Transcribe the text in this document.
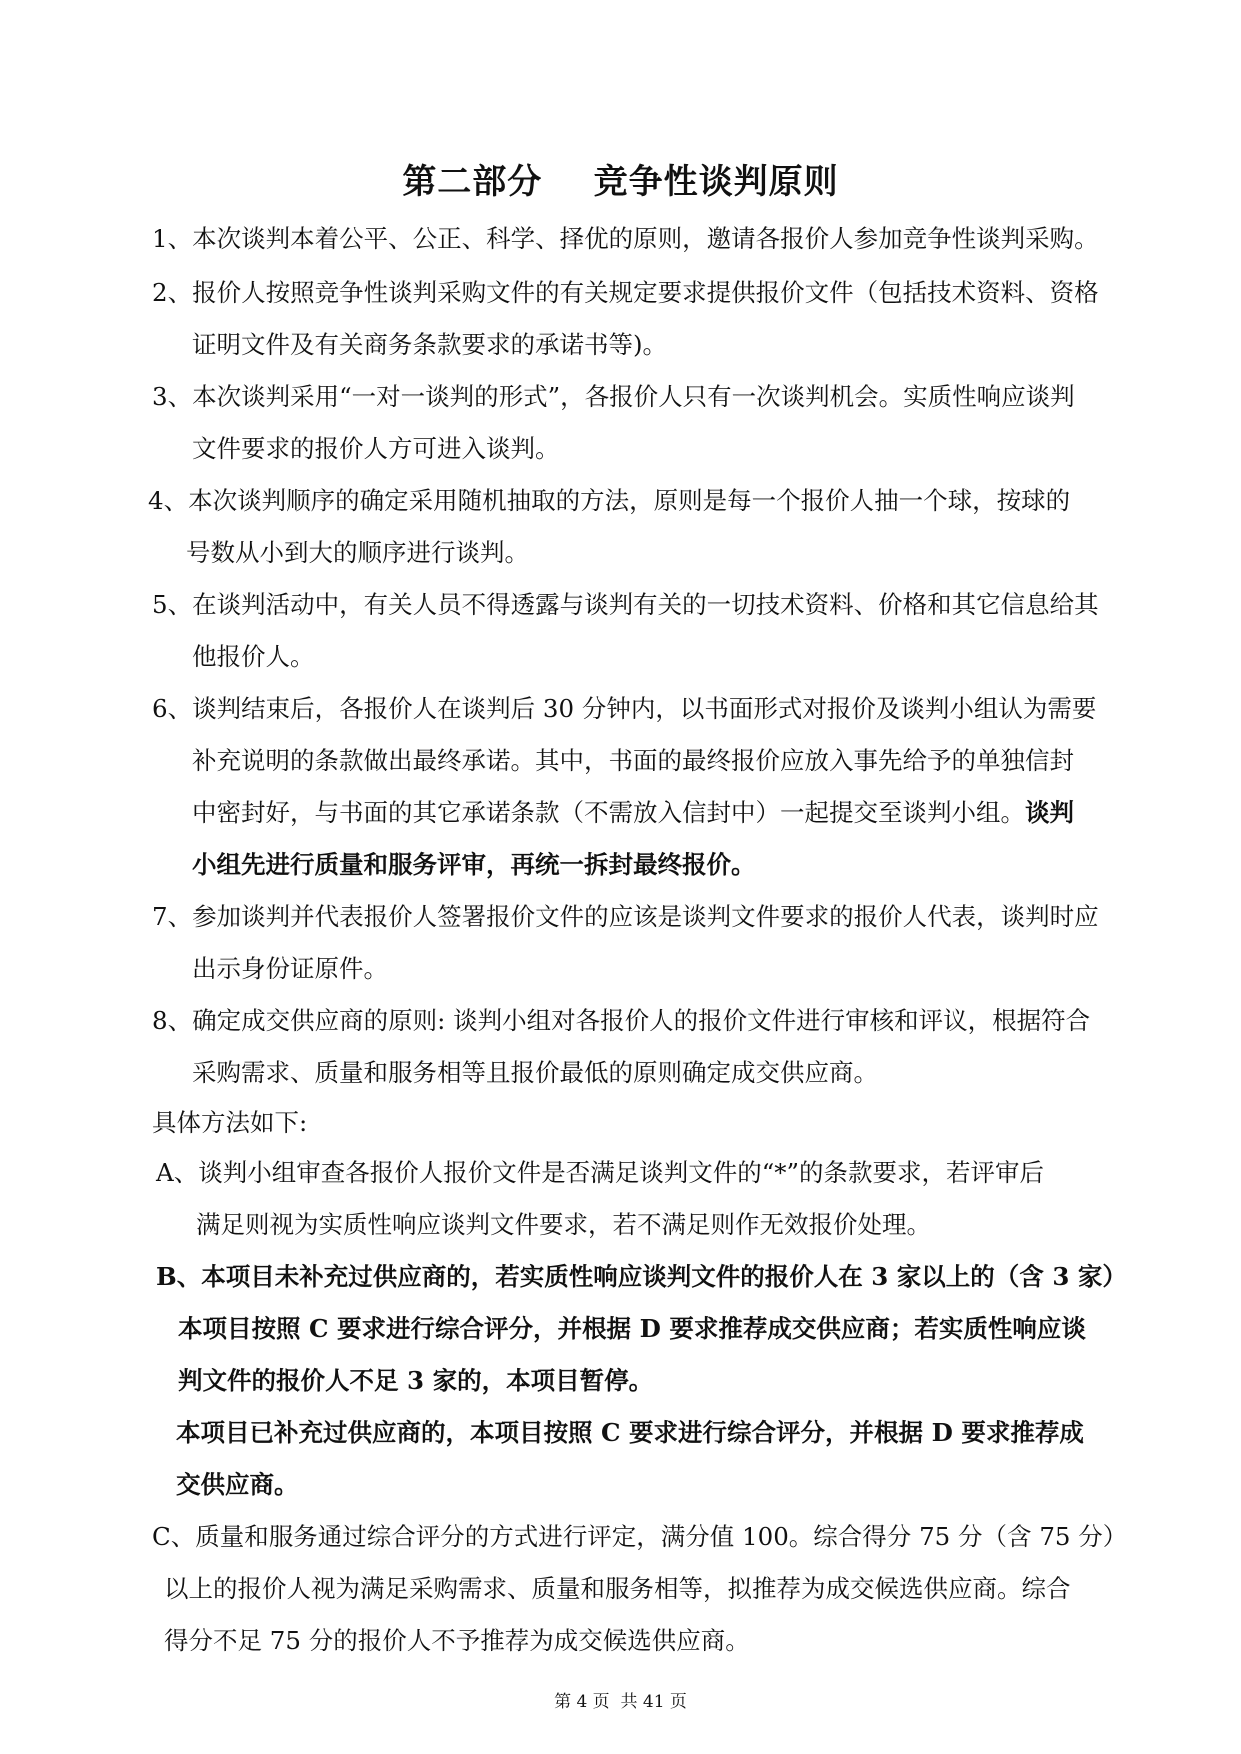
第二部分    竞争性谈判原则

1、本次谈判本着公平、公正、科学、择优的原则，邀请各报价人参加竞争性谈判采购。

2、报价人按照竞争性谈判采购文件的有关规定要求提供报价文件（包括技术资料、资格

证明文件及有关商务条款要求的承诺书等)。

3、本次谈判采用“一对一谈判的形式”，各报价人只有一次谈判机会。实质性响应谈判

文件要求的报价人方可进入谈判。

4、本次谈判顺序的确定采用随机抽取的方法，原则是每一个报价人抽一个球，按球的

号数从小到大的顺序进行谈判。

5、在谈判活动中，有关人员不得透露与谈判有关的一切技术资料、价格和其它信息给其

他报价人。

6、谈判结束后，各报价人在谈判后 30 分钟内，以书面形式对报价及谈判小组认为需要

补充说明的条款做出最终承诺。其中，书面的最终报价应放入事先给予的单独信封

中密封好，与书面的其它承诺条款（不需放入信封中）一起提交至谈判小组。谈判

小组先进行质量和服务评审，再统一拆封最终报价。

7、参加谈判并代表报价人签署报价文件的应该是谈判文件要求的报价人代表，谈判时应

出示身份证原件。

8、确定成交供应商的原则: 谈判小组对各报价人的报价文件进行审核和评议，根据符合

采购需求、质量和服务相等且报价最低的原则确定成交供应商。

具体方法如下:

A、谈判小组审查各报价人报价文件是否满足谈判文件的“*”的条款要求，若评审后

满足则视为实质性响应谈判文件要求，若不满足则作无效报价处理。

B、本项目未补充过供应商的，若实质性响应谈判文件的报价人在 3 家以上的（含 3 家）

本项目按照 C 要求进行综合评分，并根据 D 要求推荐成交供应商；若实质性响应谈

判文件的报价人不足 3 家的，本项目暂停。

本项目已补充过供应商的，本项目按照 C 要求进行综合评分，并根据 D 要求推荐成

交供应商。

C、质量和服务通过综合评分的方式进行评定，满分值 100。综合得分 75 分（含 75 分）

以上的报价人视为满足采购需求、质量和服务相等，拟推荐为成交候选供应商。综合

得分不足 75 分的报价人不予推荐为成交候选供应商。

第 4 页  共 41 页
